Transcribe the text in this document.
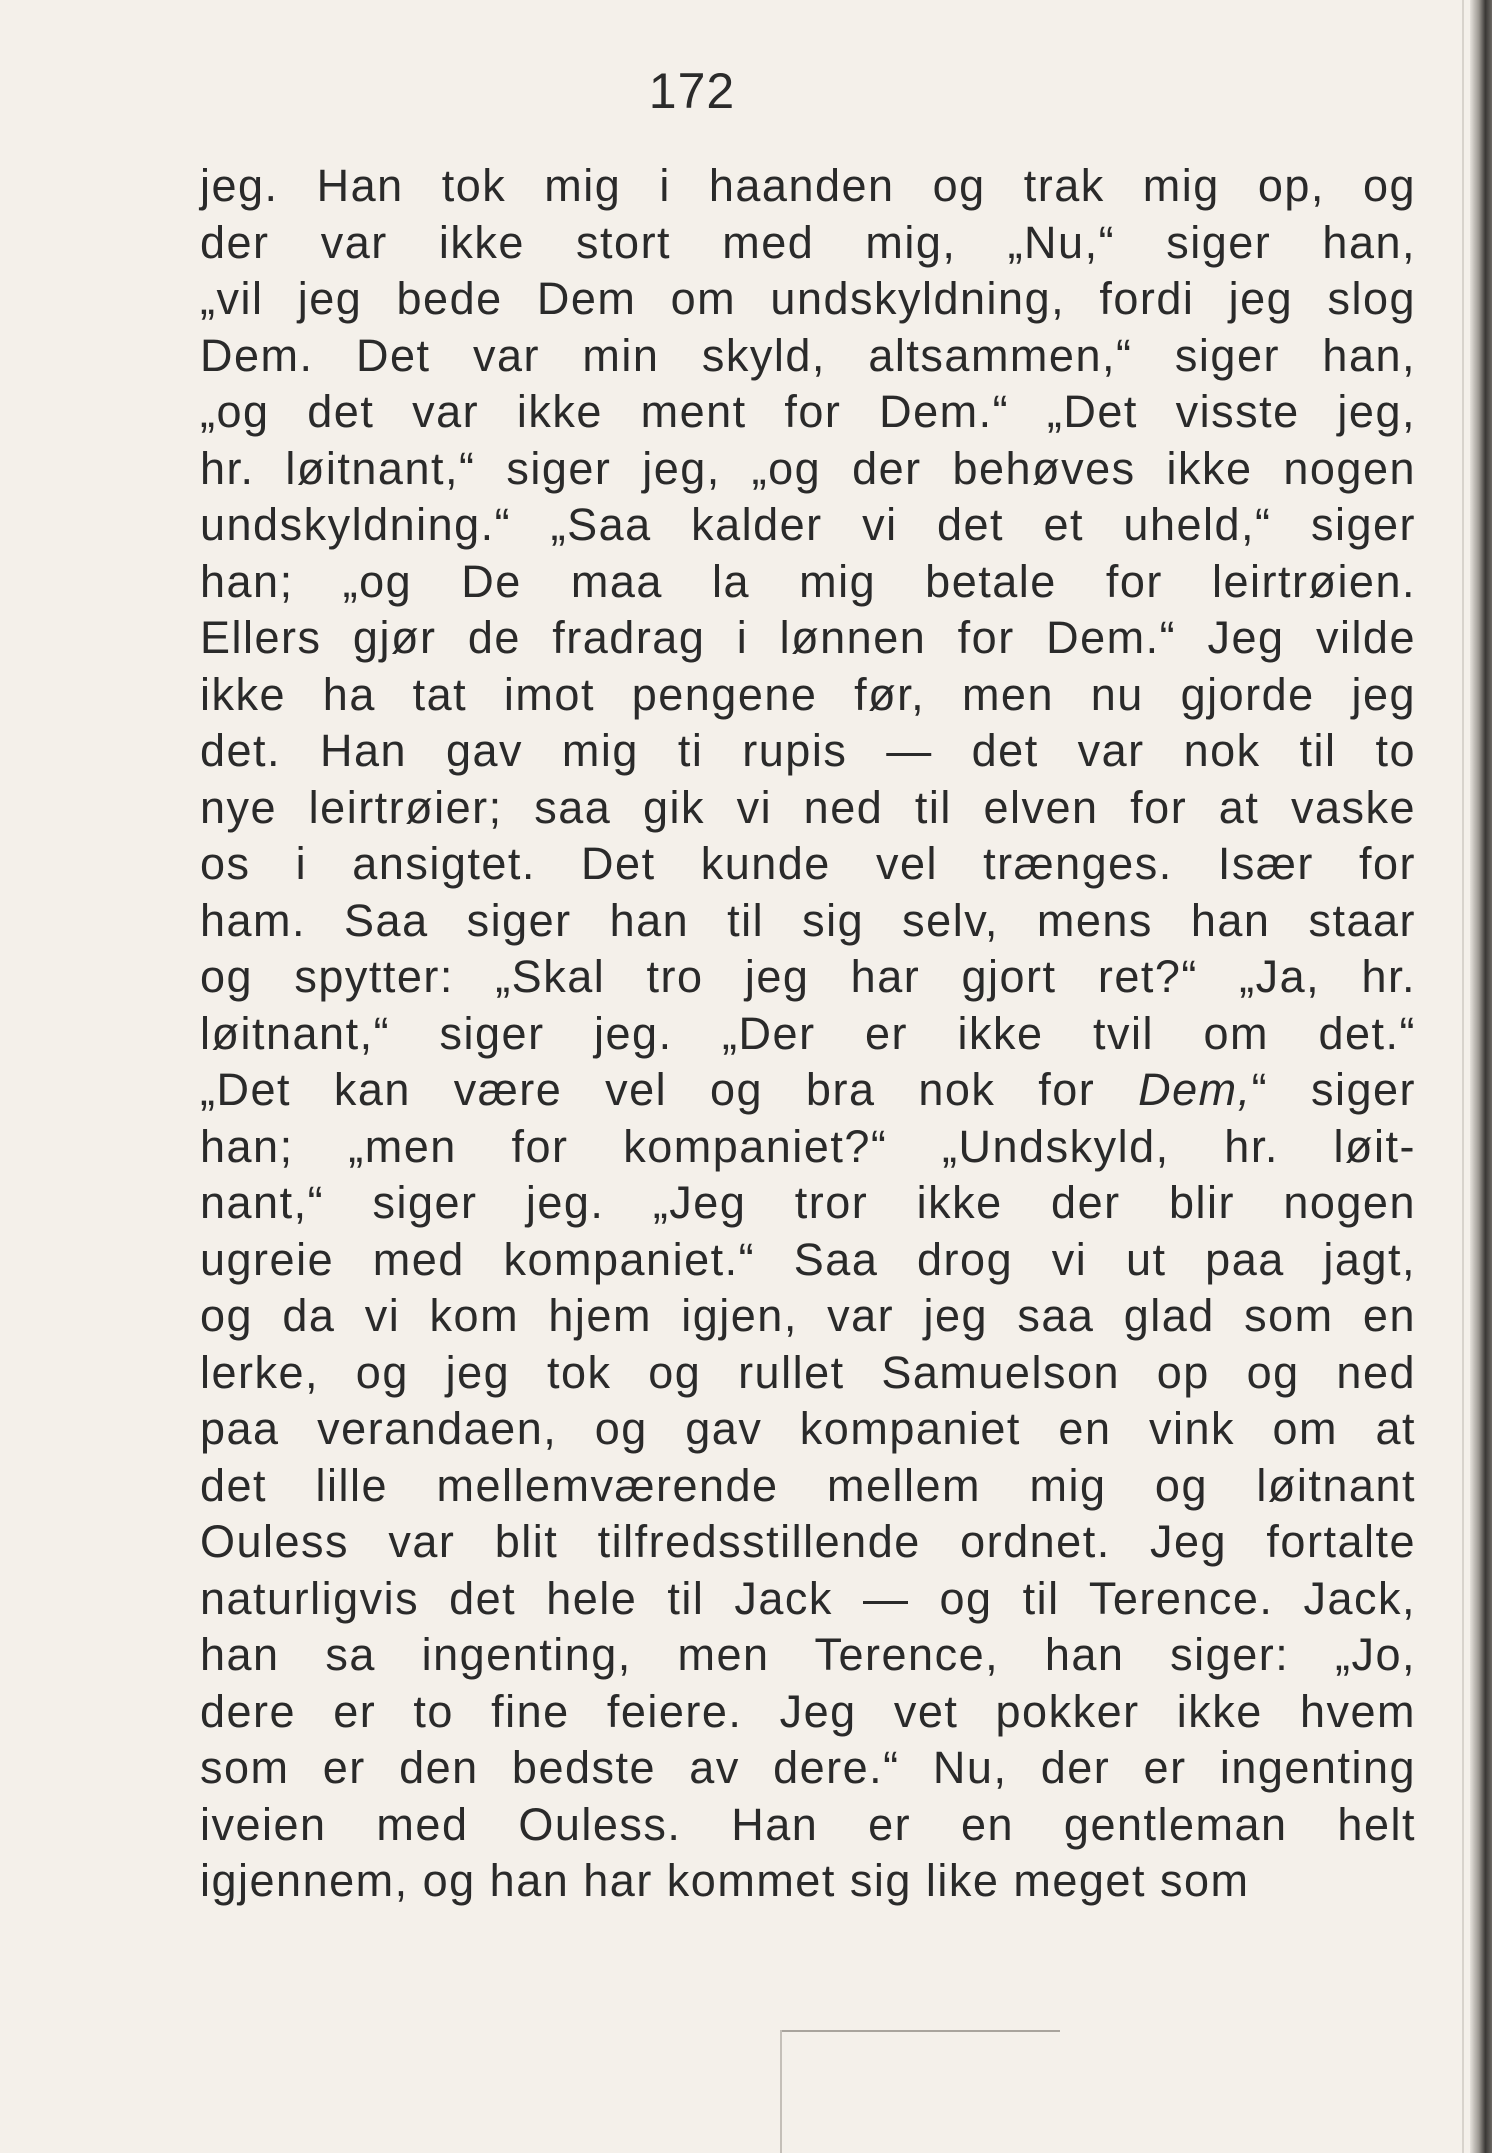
172
jeg. Han tok mig i haanden og trak mig op, og
der var ikke stort med mig, „Nu,“ siger han,
„vil jeg bede Dem om undskyldning, fordi jeg slog
Dem. Det var min skyld, altsammen,“ siger han,
„og det var ikke ment for Dem.“ „Det visste jeg,
hr. løitnant,“ siger jeg, „og der behøves ikke nogen
undskyldning.“ „Saa kalder vi det et uheld,“ siger
han; „og De maa la mig betale for leirtrøien.
Ellers gjør de fradrag i lønnen for Dem.“ Jeg vilde
ikke ha tat imot pengene før, men nu gjorde jeg
det. Han gav mig ti rupis — det var nok til to
nye leirtrøier; saa gik vi ned til elven for at vaske
os i ansigtet. Det kunde vel trænges. Især for
ham. Saa siger han til sig selv, mens han staar
og spytter: „Skal tro jeg har gjort ret?“ „Ja, hr.
løitnant,“ siger jeg. „Der er ikke tvil om det.“
„Det kan være vel og bra nok for Dem,“ siger
han; „men for kompaniet?“ „Undskyld, hr. løit-
nant,“ siger jeg. „Jeg tror ikke der blir nogen
ugreie med kompaniet.“ Saa drog vi ut paa jagt,
og da vi kom hjem igjen, var jeg saa glad som en
lerke, og jeg tok og rullet Samuelson op og ned
paa verandaen, og gav kompaniet en vink om at
det lille mellemværende mellem mig og løitnant
Ouless var blit tilfredsstillende ordnet. Jeg fortalte
naturligvis det hele til Jack — og til Terence. Jack,
han sa ingenting, men Terence, han siger: „Jo,
dere er to fine feiere. Jeg vet pokker ikke hvem
som er den bedste av dere.“ Nu, der er ingenting
iveien med Ouless. Han er en gentleman helt
igjennem, og han har kommet sig like meget som
